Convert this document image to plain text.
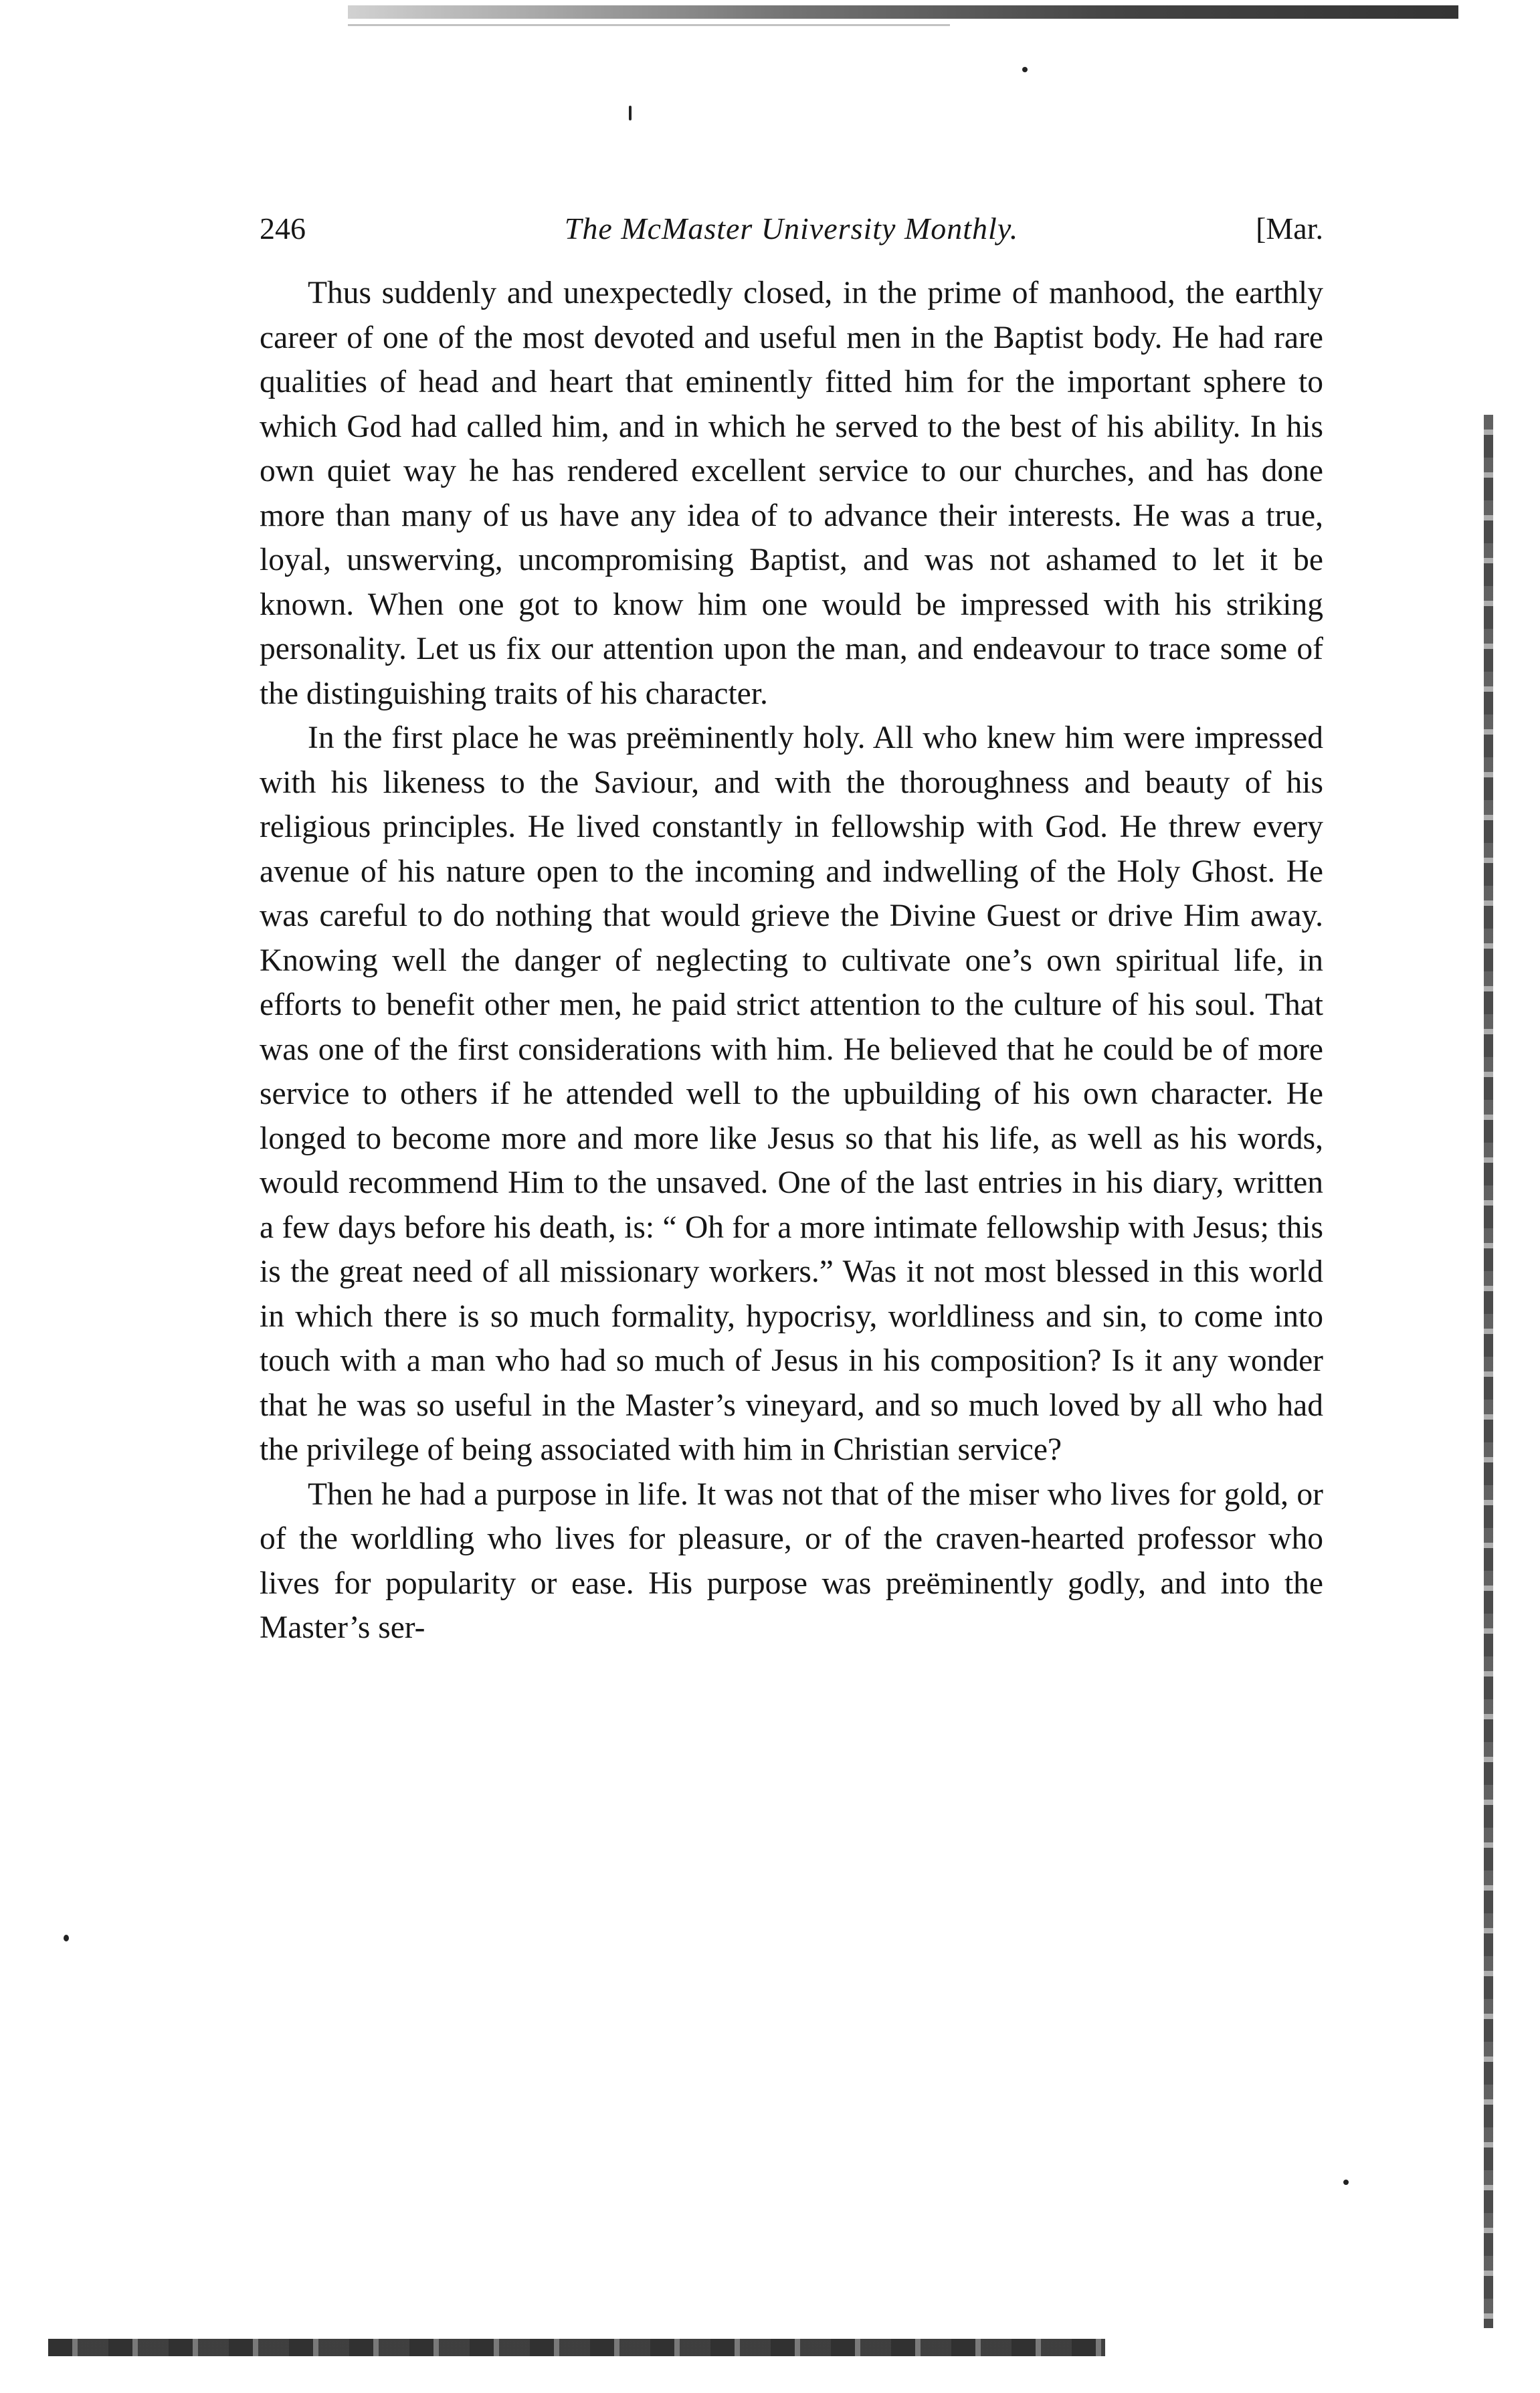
246	The McMaster University Monthly.	[Mar.

Thus suddenly and unexpectedly closed, in the prime of manhood, the earthly career of one of the most devoted and useful men in the Baptist body. He had rare qualities of head and heart that eminently fitted him for the important sphere to which God had called him, and in which he served to the best of his ability. In his own quiet way he has rendered excellent service to our churches, and has done more than many of us have any idea of to advance their interests. He was a true, loyal, unswerving, uncompromising Baptist, and was not ashamed to let it be known. When one got to know him one would be impressed with his striking personality. Let us fix our attention upon the man, and endeavour to trace some of the distinguishing traits of his character.

In the first place he was preëminently holy. All who knew him were impressed with his likeness to the Saviour, and with the thoroughness and beauty of his religious principles. He lived constantly in fellowship with God. He threw every avenue of his nature open to the incoming and indwelling of the Holy Ghost. He was careful to do nothing that would grieve the Divine Guest or drive Him away. Knowing well the danger of neglecting to cultivate one’s own spiritual life, in efforts to benefit other men, he paid strict attention to the culture of his soul. That was one of the first considerations with him. He believed that he could be of more service to others if he attended well to the upbuilding of his own character. He longed to become more and more like Jesus so that his life, as well as his words, would recommend Him to the unsaved. One of the last entries in his diary, written a few days before his death, is: “ Oh for a more intimate fellowship with Jesus; this is the great need of all missionary workers.” Was it not most blessed in this world in which there is so much formality, hypocrisy, worldliness and sin, to come into touch with a man who had so much of Jesus in his composition? Is it any wonder that he was so useful in the Master’s vineyard, and so much loved by all who had the privilege of being associated with him in Christian service?

Then he had a purpose in life. It was not that of the miser who lives for gold, or of the worldling who lives for pleasure, or of the craven-hearted professor who lives for popularity or ease. His purpose was preëminently godly, and into the Master’s ser-
